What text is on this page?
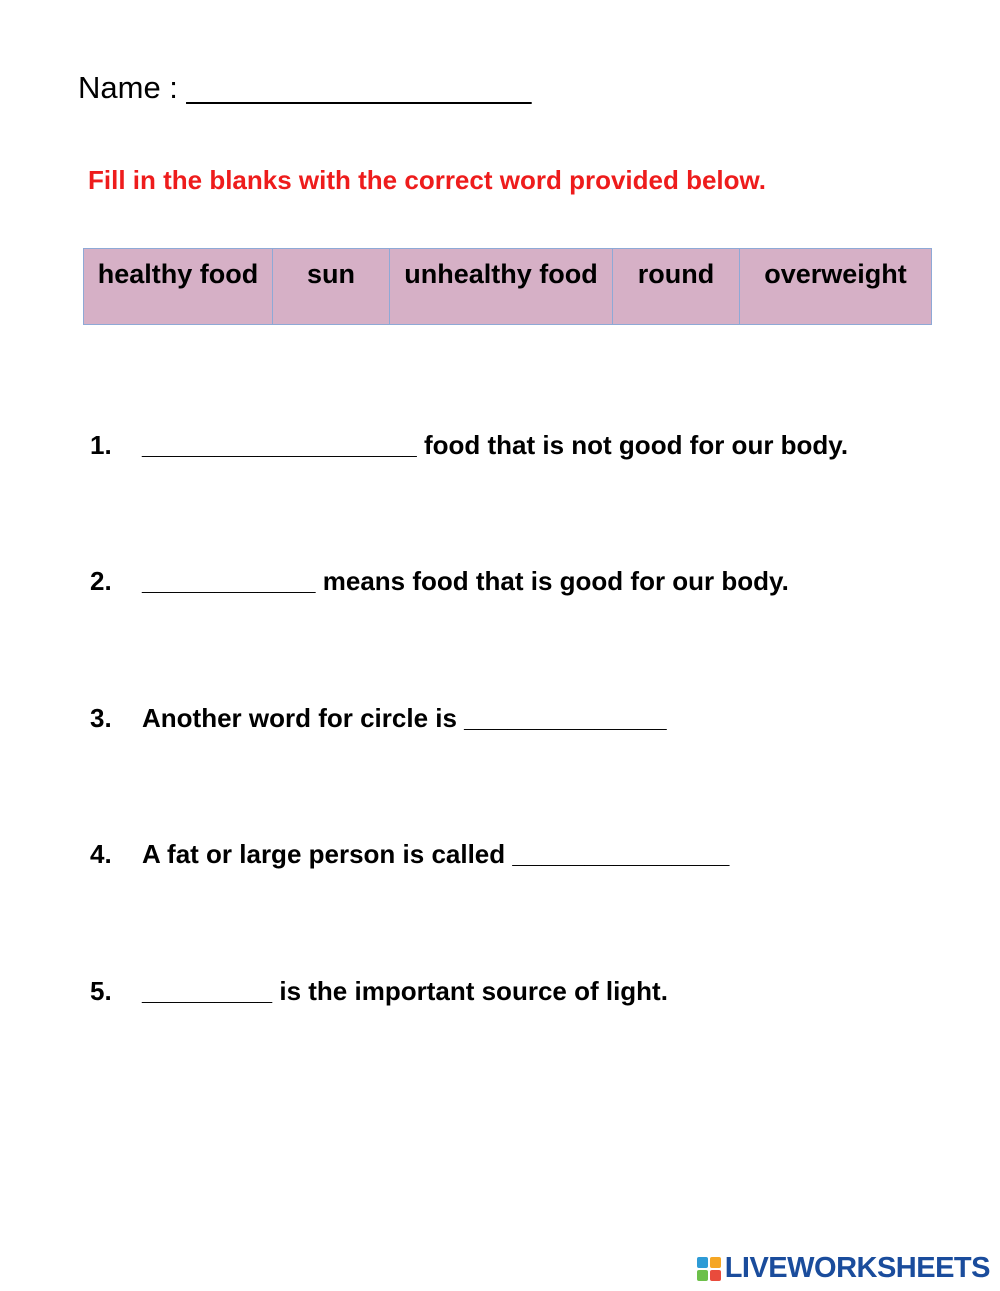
Name : ____________________
Fill in the blanks with the correct word provided below.
healthy food	sun	unhealthy food	round	overweight
1. ___________________ food that is not good for our body.
2. ____________ means food that is good for our body.
3. Another word for circle is ______________
4. A fat or large person is called _______________
5. _________ is the important source of light.
LIVEWORKSHEETS
